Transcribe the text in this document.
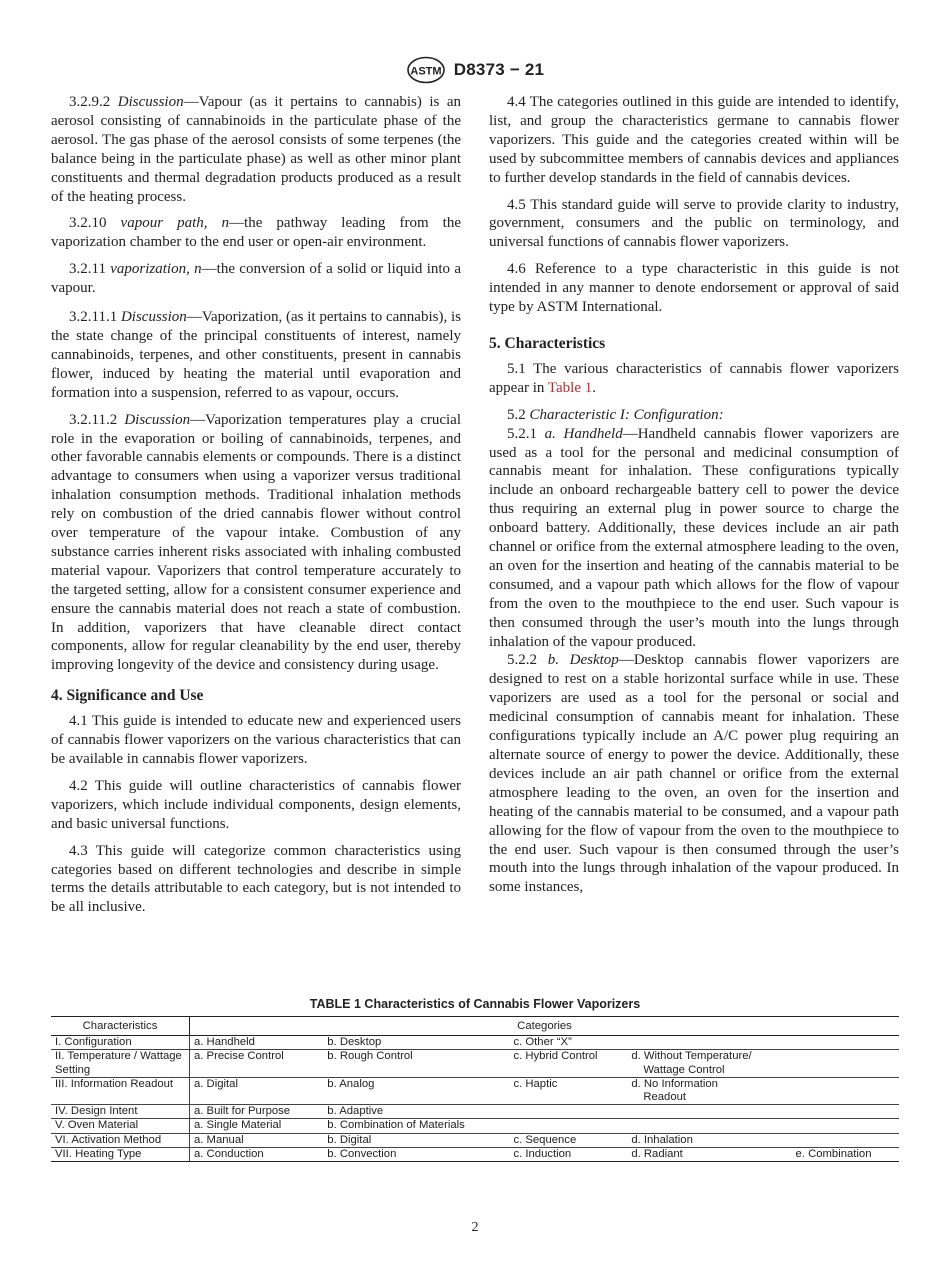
ASTM D8373 − 21

3.2.9.2 Discussion—Vapour (as it pertains to cannabis) is an aerosol consisting of cannabinoids in the particulate phase of the aerosol. The gas phase of the aerosol consists of some terpenes (the balance being in the particulate phase) as well as other minor plant constituents and thermal degradation products produced as a result of the heating process.

3.2.10 vapour path, n—the pathway leading from the vaporization chamber to the end user or open-air environment.

3.2.11 vaporization, n—the conversion of a solid or liquid into a vapour.

3.2.11.1 Discussion—Vaporization, (as it pertains to cannabis), is the state change of the principal constituents of interest, namely cannabinoids, terpenes, and other constituents, present in cannabis flower, induced by heating the material until evaporation and formation into a suspension, referred to as vapour, occurs.

3.2.11.2 Discussion—Vaporization temperatures play a crucial role in the evaporation or boiling of cannabinoids, terpenes, and other favorable cannabis elements or compounds. There is a distinct advantage to consumers when using a vaporizer versus traditional inhalation consumption methods. Traditional inhalation methods rely on combustion of the dried cannabis flower without control over temperature of the vapour intake. Combustion of any substance carries inherent risks associated with inhaling combusted material vapour. Vaporizers that control temperature accurately to the targeted setting, allow for a consistent consumer experience and ensure the cannabis material does not reach a state of combustion. In addition, vaporizers that have cleanable direct contact components, allow for regular cleanability by the end user, thereby improving longevity of the device and consistency during usage.

4. Significance and Use

4.1 This guide is intended to educate new and experienced users of cannabis flower vaporizers on the various characteristics that can be available in cannabis flower vaporizers.

4.2 This guide will outline characteristics of cannabis flower vaporizers, which include individual components, design elements, and basic universal functions.

4.3 This guide will categorize common characteristics using categories based on different technologies and describe in simple terms the details attributable to each category, but is not intended to be all inclusive.

4.4 The categories outlined in this guide are intended to identify, list, and group the characteristics germane to cannabis flower vaporizers. This guide and the categories created within will be used by subcommittee members of cannabis devices and appliances to further develop standards in the field of cannabis devices.

4.5 This standard guide will serve to provide clarity to industry, government, consumers and the public on terminology, and universal functions of cannabis flower vaporizers.

4.6 Reference to a type characteristic in this guide is not intended in any manner to denote endorsement or approval of said type by ASTM International.

5. Characteristics

5.1 The various characteristics of cannabis flower vaporizers appear in Table 1.

5.2 Characteristic I: Configuration:

5.2.1 a. Handheld—Handheld cannabis flower vaporizers are used as a tool for the personal and medicinal consumption of cannabis meant for inhalation. These configurations typically include an onboard rechargeable battery cell to power the device thus requiring an external plug in power source to charge the onboard battery. Additionally, these devices include an air path channel or orifice from the external atmosphere leading to the oven, an oven for the insertion and heating of the cannabis material to be consumed, and a vapour path which allows for the flow of vapour from the oven to the mouthpiece to the end user. Such vapour is then consumed through the user’s mouth into the lungs through inhalation of the vapour produced.

5.2.2 b. Desktop—Desktop cannabis flower vaporizers are designed to rest on a stable horizontal surface while in use. These vaporizers are used as a tool for the personal or social and medicinal consumption of cannabis meant for inhalation. These configurations typically include an A/C power plug requiring an alternate source of energy to power the device. Additionally, these devices include an air path channel or orifice from the external atmosphere leading to the oven, an oven for the insertion and heating of the cannabis material to be consumed, and a vapour path allowing for the flow of vapour from the oven to the mouthpiece to the end user. Such vapour is then consumed through the user’s mouth into the lungs through inhalation of the vapour produced. In some instances,

TABLE 1 Characteristics of Cannabis Flower Vaporizers
Characteristics	Categories				
I. Configuration	a. Handheld	b. Desktop	c. Other “X”		
II. Temperature / Wattage Setting	a. Precise Control	b. Rough Control	c. Hybrid Control	d. Without Temperature/
Wattage Control	

III. Information Readout	a. Digital	b. Analog	c. Haptic	d. No Information
Readout	

IV. Design Intent	a. Built for Purpose	b. Adaptive			
V. Oven Material	a. Single Material	b. Combination of Materials			
VI. Activation Method	a. Manual	b. Digital	c. Sequence	d. Inhalation	
VII. Heating Type	a. Conduction	b. Convection	c. Induction	d. Radiant	e. Combination
2
